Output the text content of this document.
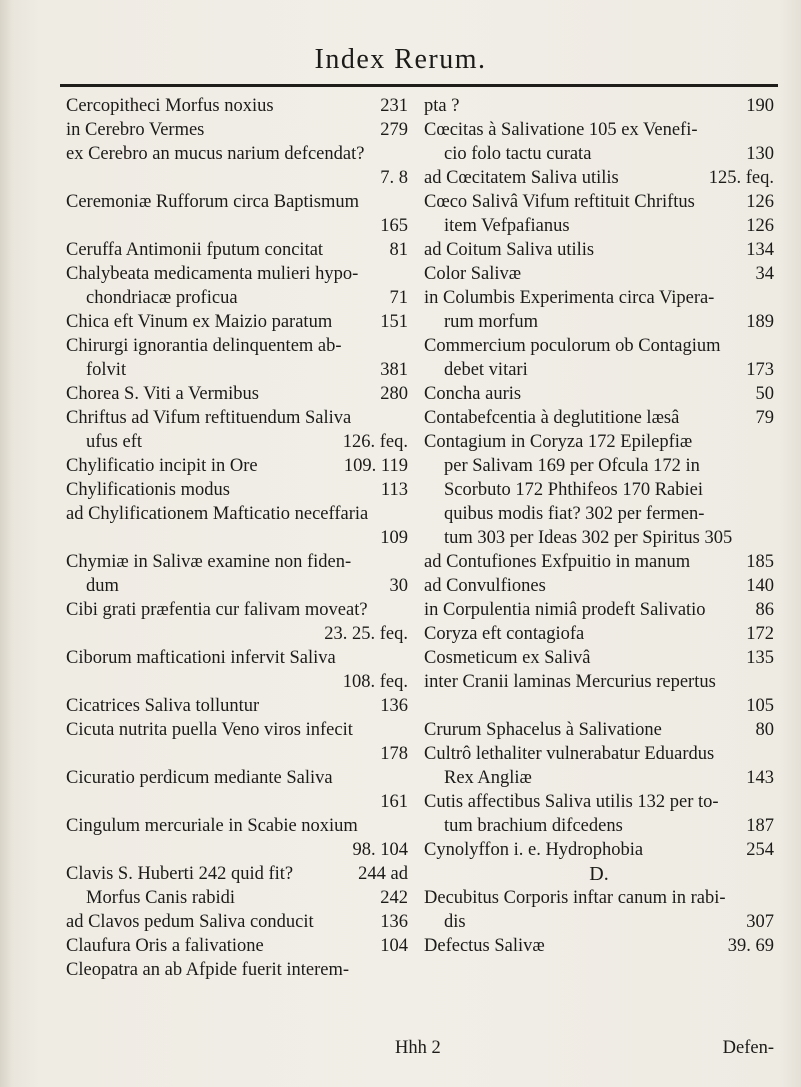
Index Rerum.
Cercopitheci Morfus noxius	231
in Cerebro Vermes	279
ex Cerebro an mucus narium defcendat?
7. 8
Ceremoniæ Rufforum circa Baptismum
165
Ceruffa Antimonii fputum concitat	81
Chalybeata medicamenta mulieri hypo-
chondriacæ proficua	71
Chica eft Vinum ex Maizio paratum	151
Chirurgi ignorantia delinquentem ab-
folvit	381
Chorea S. Viti a Vermibus	280
Chriftus ad Vifum reftituendum Saliva
ufus eft	126. feq.
Chylificatio incipit in Ore	109. 119
Chylificationis modus	113
ad Chylificationem Mafticatio neceffaria
109
Chymiæ in Salivæ examine non fiden-
dum	30
Cibi grati præfentia cur falivam moveat?
23. 25. feq.
Ciborum mafticationi infervit Saliva
108. feq.
Cicatrices Saliva tolluntur	136
Cicuta nutrita puella Veno viros infecit
178
Cicuratio perdicum mediante Saliva
161
Cingulum mercuriale in Scabie noxium
98. 104
Clavis S. Huberti 242 quid fit?	244 ad
Morfus Canis rabidi	242
ad Clavos pedum Saliva conducit	136
Claufura Oris a falivatione	104
Cleopatra an ab Afpide fuerit interem-
pta ?	190
Cœcitas à Salivatione 105 ex Venefi-
cio folo tactu curata	130
ad Cœcitatem Saliva utilis	125. feq.
Cœco Salivâ Vifum reftituit Chriftus	126
item Vefpafianus	126
ad Coitum Saliva utilis	134
Color Salivæ	34
in Columbis Experimenta circa Vipera-
rum morfum	189
Commercium poculorum ob Contagium
debet vitari	173
Concha auris	50
Contabefcentia à deglutitione læsâ	79
Contagium in Coryza 172 Epilepfiæ
per Salivam 169 per Ofcula 172 in
Scorbuto 172 Phthifeos 170 Rabiei
quibus modis fiat? 302 per fermen-
tum 303 per Ideas 302 per Spiritus 305
ad Contufiones Exfpuitio in manum	185
ad Convulfiones	140
in Corpulentia nimiâ prodeft Salivatio	86
Coryza eft contagiofa	172
Cosmeticum ex Salivâ	135
inter Cranii laminas Mercurius repertus
105
Crurum Sphacelus à Salivatione	80
Cultrô lethaliter vulnerabatur Eduardus
Rex Angliæ	143
Cutis affectibus Saliva utilis 132 per to-
tum brachium difcedens	187
Cynolyffon i. e. Hydrophobia	254
D.
Decubitus Corporis inftar canum in rabi-
dis	307
Defectus Salivæ	39. 69
Hhh 2	Defen-
